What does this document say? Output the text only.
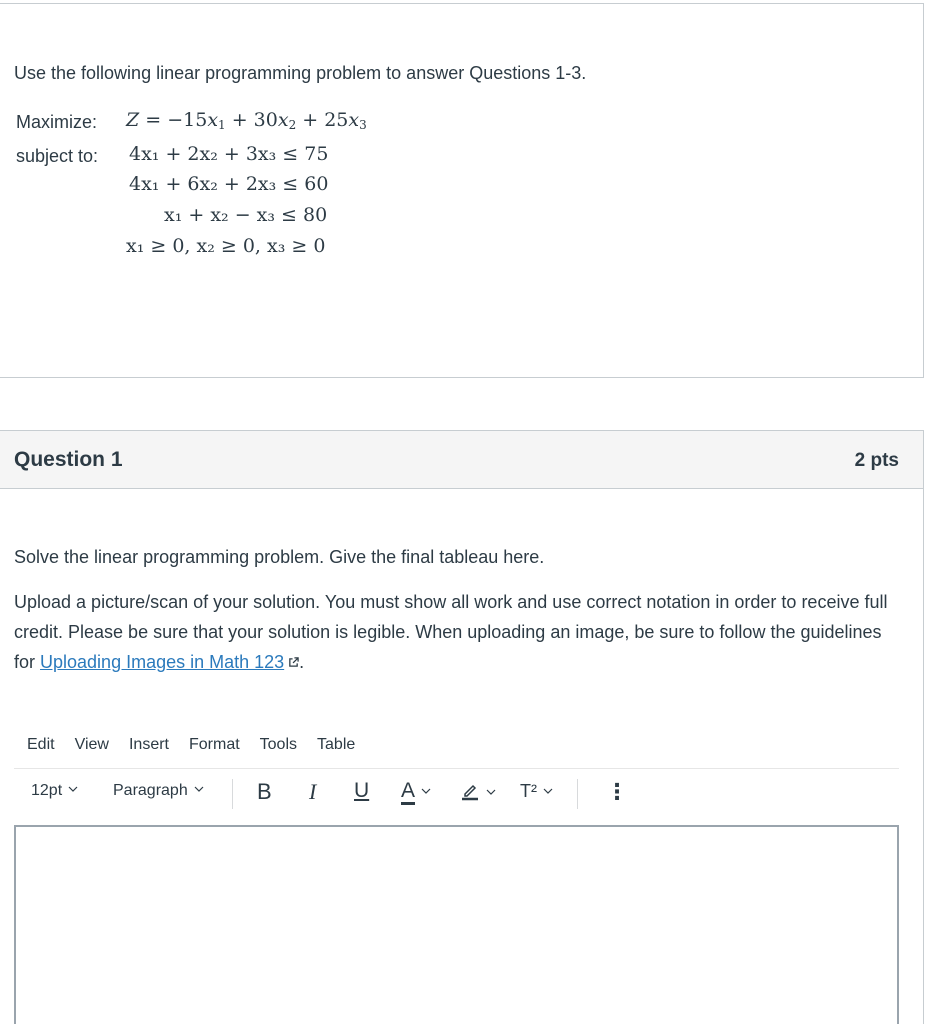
Use the following linear programming problem to answer Questions 1-3.
Maximize:
subject to:
$Z = -15x_1 + 30x_2 + 25x_3$
4x₁ + 2x₂ + 3x₃ ≤ 75
4x₁ + 6x₂ + 2x₃ ≤ 60
x₁ + x₂ − x₃ ≤ 80
x₁ ≥ 0, x₂ ≥ 0, x₃ ≥ 0
Question 1	2 pts
Solve the linear programming problem. Give the final tableau here.
Upload a picture/scan of your solution. You must show all work and use correct notation in order to receive full credit. Please be sure that your solution is legible. When uploading an image, be sure to follow the guidelines for Uploading Images in Math 123 .
Edit	View	Insert	Format	Tools	Table
12pt	Paragraph	B I U A	T²	⋮
